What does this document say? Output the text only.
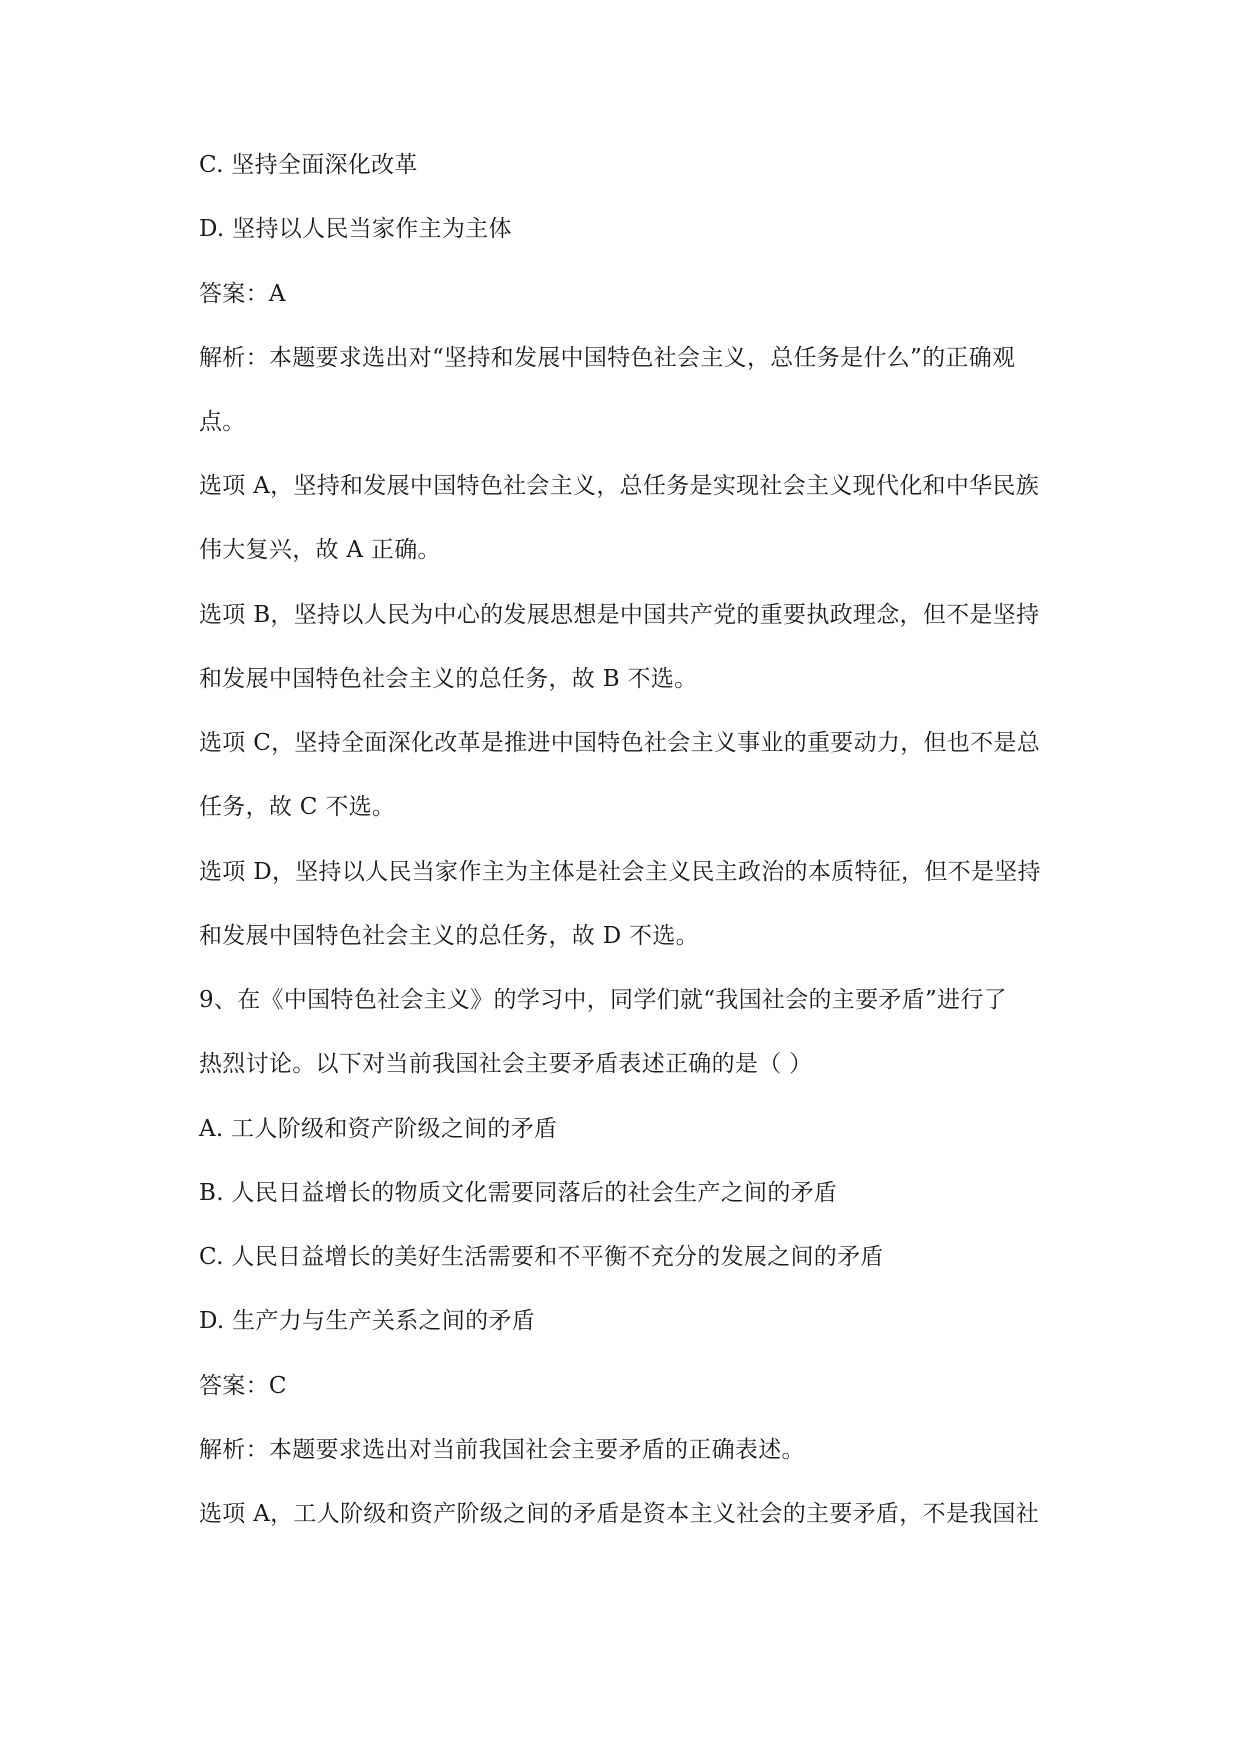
C. 坚持全面深化改革
D. 坚持以人民当家作主为主体
答案：A
解析：本题要求选出对“坚持和发展中国特色社会主义，总任务是什么”的正确观
点。
选项 A，坚持和发展中国特色社会主义，总任务是实现社会主义现代化和中华民族
伟大复兴，故 A 正确。
选项 B，坚持以人民为中心的发展思想是中国共产党的重要执政理念，但不是坚持
和发展中国特色社会主义的总任务，故 B 不选。
选项 C，坚持全面深化改革是推进中国特色社会主义事业的重要动力，但也不是总
任务，故 C 不选。
选项 D，坚持以人民当家作主为主体是社会主义民主政治的本质特征，但不是坚持
和发展中国特色社会主义的总任务，故 D 不选。
9、在《中国特色社会主义》的学习中，同学们就“我国社会的主要矛盾”进行了
热烈讨论。以下对当前我国社会主要矛盾表述正确的是（ ）
A. 工人阶级和资产阶级之间的矛盾
B. 人民日益增长的物质文化需要同落后的社会生产之间的矛盾
C. 人民日益增长的美好生活需要和不平衡不充分的发展之间的矛盾
D. 生产力与生产关系之间的矛盾
答案：C
解析：本题要求选出对当前我国社会主要矛盾的正确表述。
选项 A，工人阶级和资产阶级之间的矛盾是资本主义社会的主要矛盾，不是我国社
